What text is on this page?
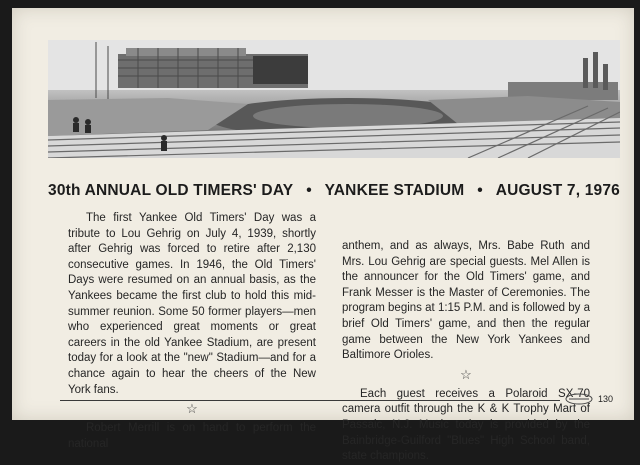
30th ANNUAL OLD TIMERS' DAY • YANKEE STADIUM • AUGUST 7, 1976

The first Yankee Old Timers' Day was a tribute to Lou Gehrig on July 4, 1939, shortly after Gehrig was forced to retire after 2,130 consecutive games. In 1946, the Old Timers' Days were resumed on an annual basis, as the Yankees became the first club to hold this mid-summer reunion. Some 50 former players—men who experienced great moments or great careers in the old Yankee Stadium, are present today for a look at the "new" Stadium—and for a chance again to hear the cheers of the New York fans.

☆

Robert Merrill is on hand to perform the national

anthem, and as always, Mrs. Babe Ruth and Mrs. Lou Gehrig are special guests. Mel Allen is the announcer for the Old Timers' game, and Frank Messer is the Master of Ceremonies. The program begins at 1:15 P.M. and is followed by a brief Old Timers' game, and then the regular game between the New York Yankees and Baltimore Orioles.

☆

Each guest receives a Polaroid SX-70 camera outfit through the K & K Trophy Mart of Passaic, N.J. Music today is provided by the Bainbridge-Guilford "Blues" High School band, state champions.

130
